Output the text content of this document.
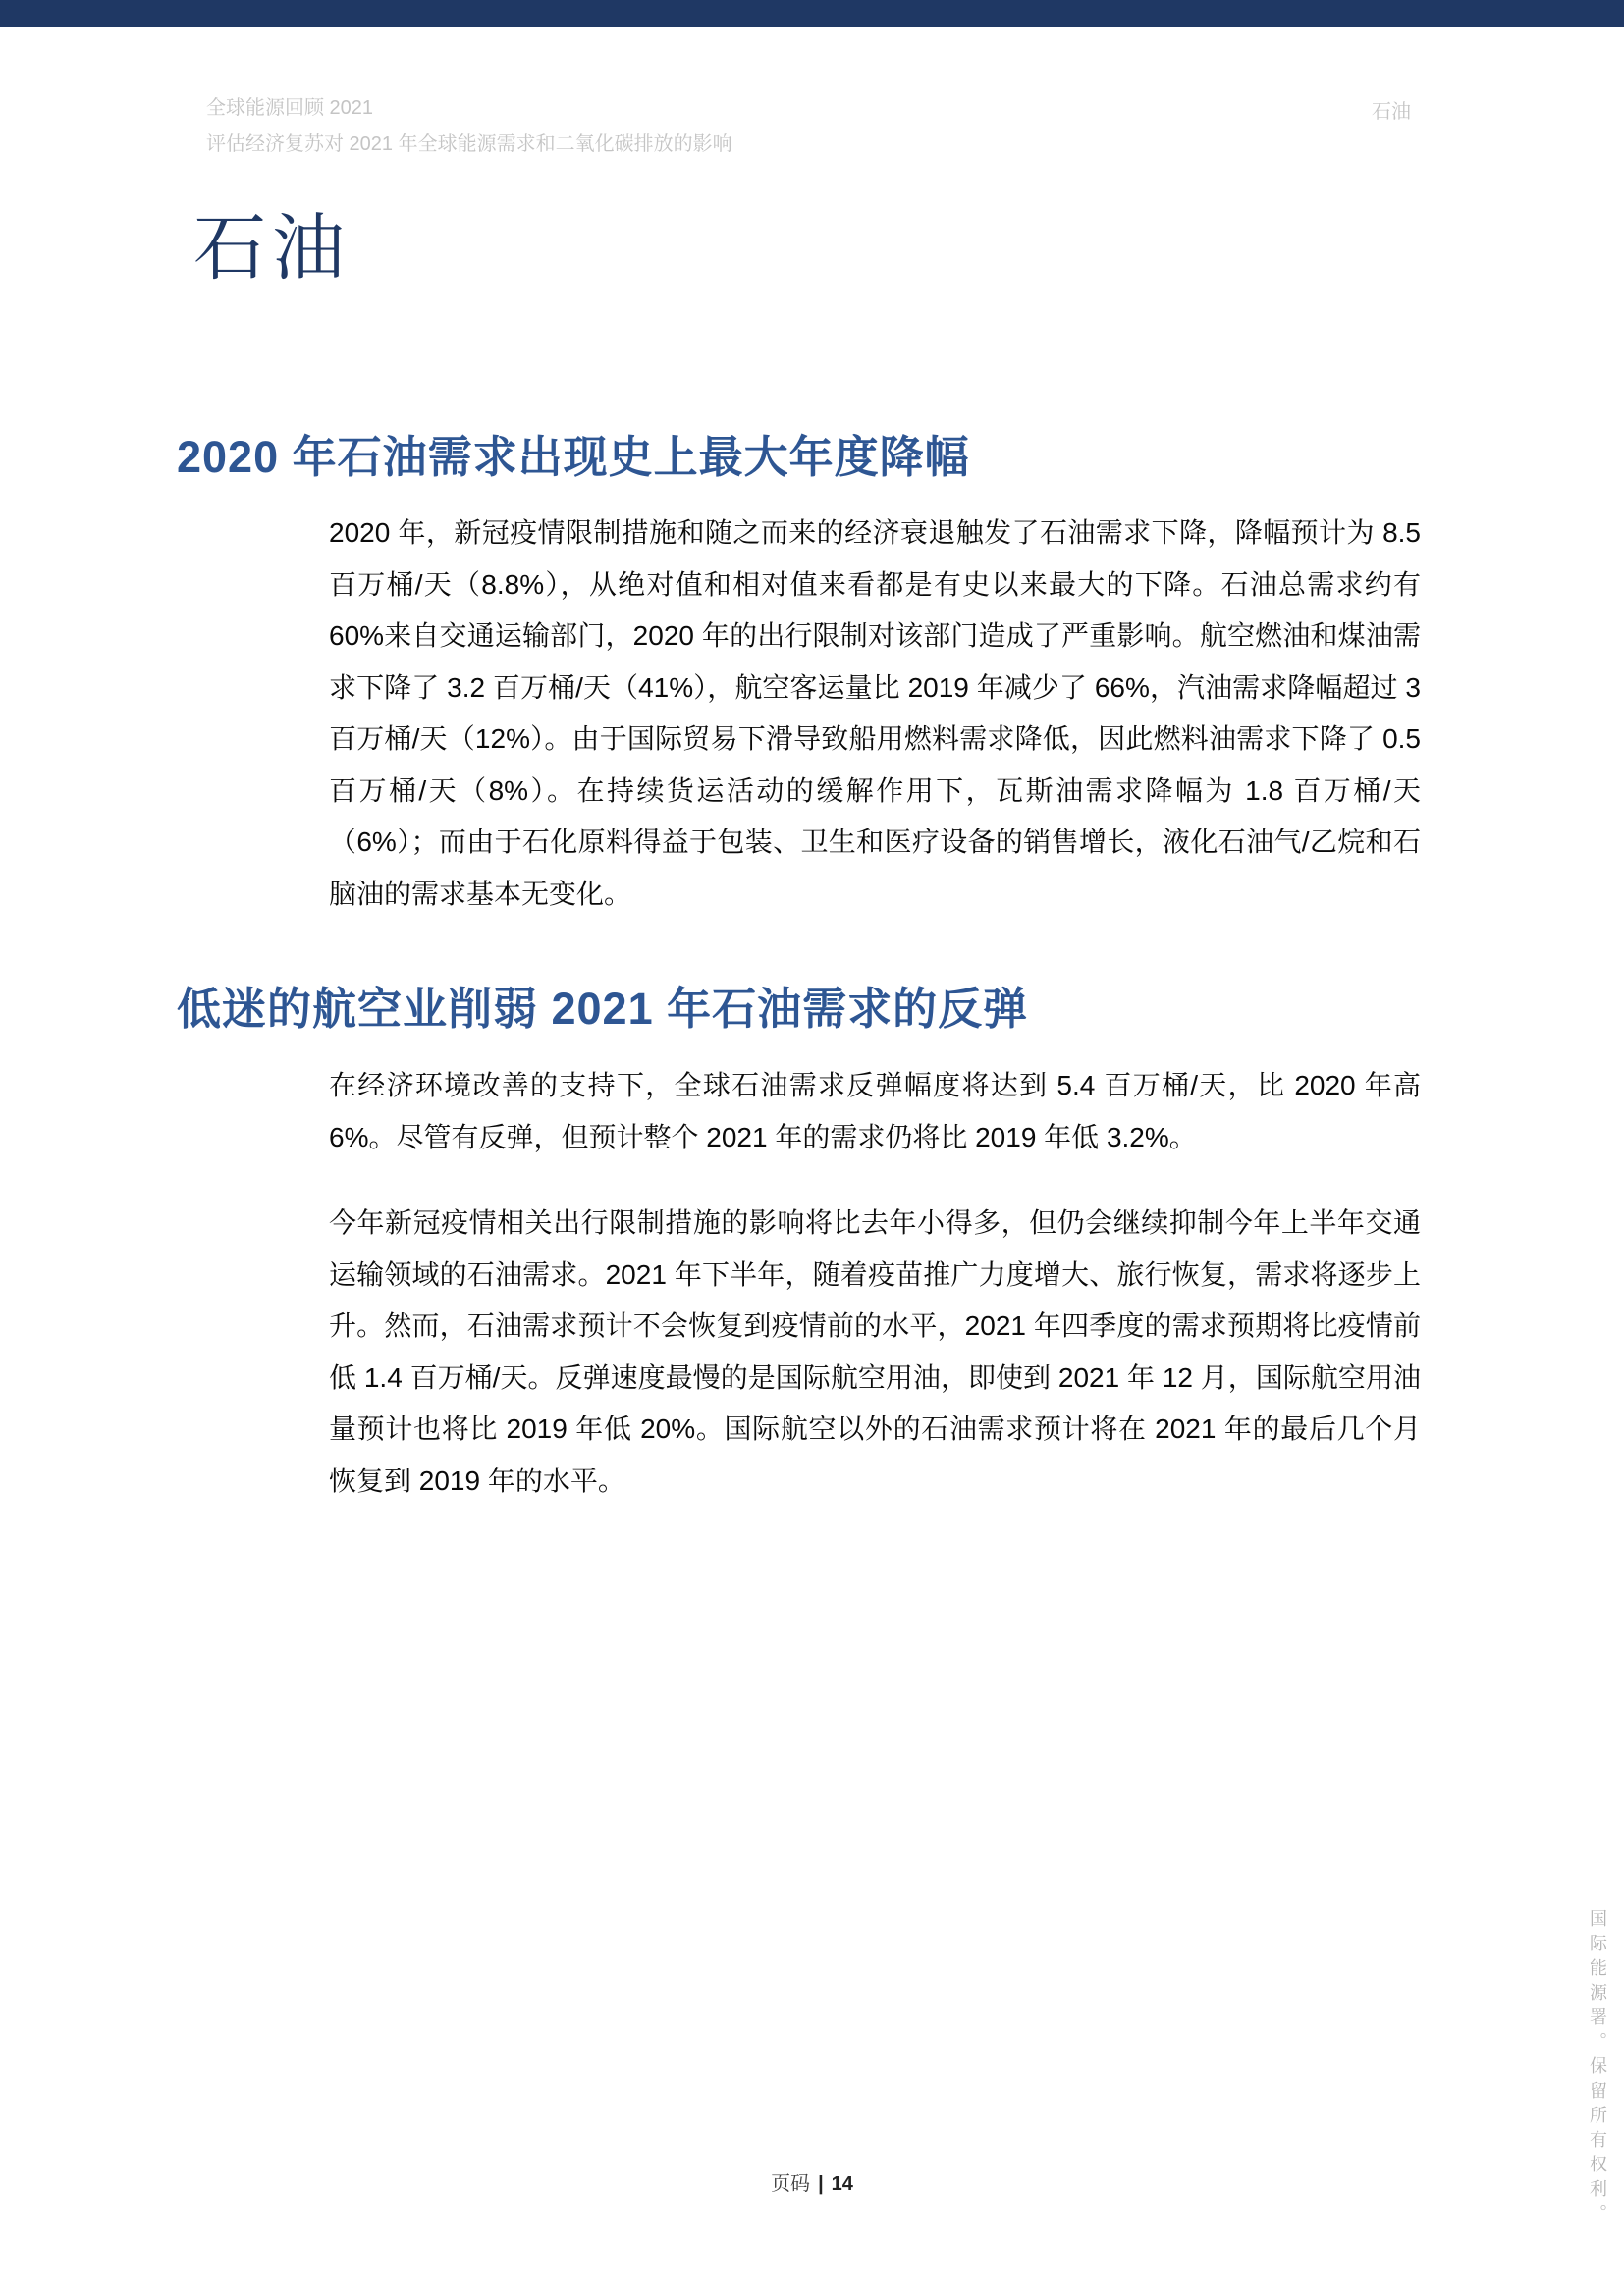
全球能源回顾 2021
评估经济复苏对 2021 年全球能源需求和二氧化碳排放的影响
石油
石油
2020 年石油需求出现史上最大年度降幅
2020 年，新冠疫情限制措施和随之而来的经济衰退触发了石油需求下降，降幅预计为 8.5 百万桶/天（8.8%），从绝对值和相对值来看都是有史以来最大的下降。石油总需求约有 60%来自交通运输部门，2020 年的出行限制对该部门造成了严重影响。航空燃油和煤油需求下降了 3.2 百万桶/天（41%），航空客运量比 2019 年减少了 66%，汽油需求降幅超过 3 百万桶/天（12%）。由于国际贸易下滑导致船用燃料需求降低，因此燃料油需求下降了 0.5 百万桶/天（8%）。在持续货运活动的缓解作用下，瓦斯油需求降幅为 1.8 百万桶/天（6%）；而由于石化原料得益于包装、卫生和医疗设备的销售增长，液化石油气/乙烷和石脑油的需求基本无变化。
低迷的航空业削弱 2021 年石油需求的反弹
在经济环境改善的支持下，全球石油需求反弹幅度将达到 5.4 百万桶/天，比 2020 年高 6%。尽管有反弹，但预计整个 2021 年的需求仍将比 2019 年低 3.2%。
今年新冠疫情相关出行限制措施的影响将比去年小得多，但仍会继续抑制今年上半年交通运输领域的石油需求。2021 年下半年，随着疫苗推广力度增大、旅行恢复，需求将逐步上升。然而，石油需求预计不会恢复到疫情前的水平，2021 年四季度的需求预期将比疫情前低 1.4 百万桶/天。反弹速度最慢的是国际航空用油，即使到 2021 年 12 月，国际航空用油量预计也将比 2019 年低 20%。国际航空以外的石油需求预计将在 2021 年的最后几个月恢复到 2019 年的水平。
页码 | 14	国际能源署。保留所有权利。
